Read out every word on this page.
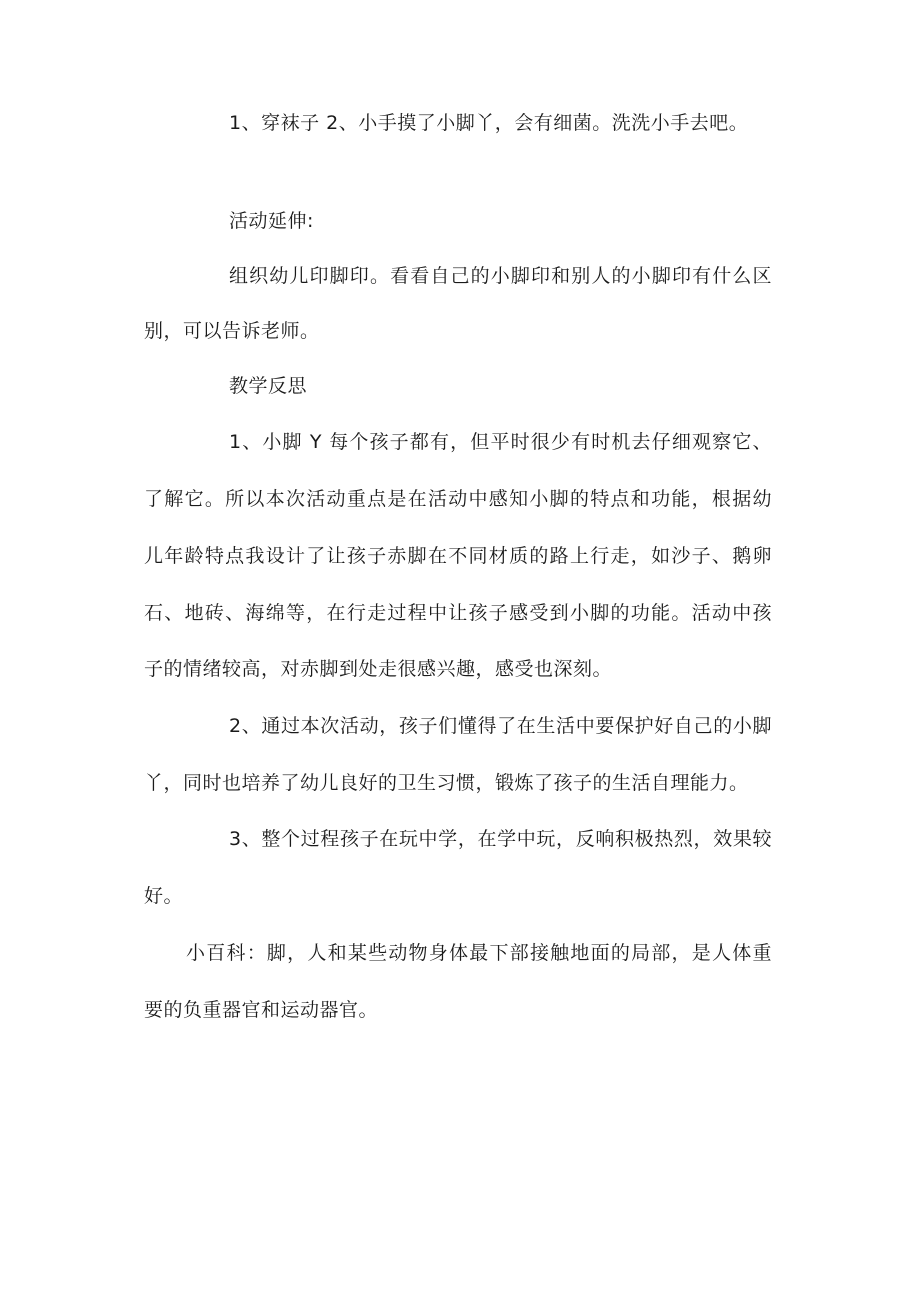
1、穿袜子 2、小手摸了小脚丫，会有细菌。洗洗小手去吧。
活动延伸:
组织幼儿印脚印。看看自己的小脚印和别人的小脚印有什么区
别，可以告诉老师。
教学反思
1、小脚 Y 每个孩子都有，但平时很少有时机去仔细观察它、
了解它。所以本次活动重点是在活动中感知小脚的特点和功能，根据幼
儿年龄特点我设计了让孩子赤脚在不同材质的路上行走，如沙子、鹅卵
石、地砖、海绵等，在行走过程中让孩子感受到小脚的功能。活动中孩
子的情绪较高，对赤脚到处走很感兴趣，感受也深刻。
2、通过本次活动，孩子们懂得了在生活中要保护好自己的小脚
丫，同时也培养了幼儿良好的卫生习惯，锻炼了孩子的生活自理能力。
3、整个过程孩子在玩中学，在学中玩，反响积极热烈，效果较
好。
小百科：脚，人和某些动物身体最下部接触地面的局部，是人体重
要的负重器官和运动器官。
